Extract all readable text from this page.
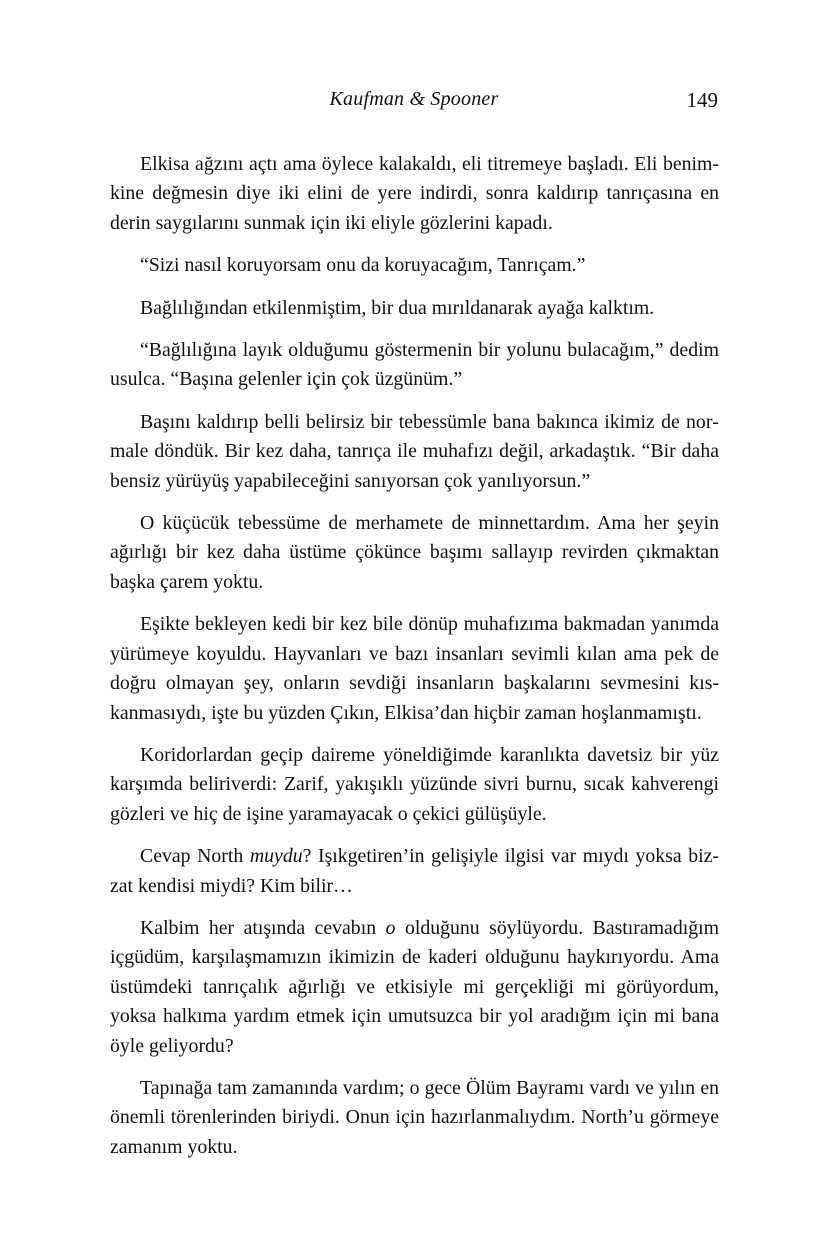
Kaufman & Spooner	149

Elkisa ağzını açtı ama öylece kalakaldı, eli titremeye başladı. Eli benimkine değmesin diye iki elini de yere indirdi, sonra kaldırıp tanrıçasına en derin saygılarını sunmak için iki eliyle gözlerini kapadı.

“Sizi nasıl koruyorsam onu da koruyacağım, Tanrıçam.”

Bağlılığından etkilenmiştim, bir dua mırıldanarak ayağa kalktım.

“Bağlılığına layık olduğumu göstermenin bir yolunu bulacağım,” dedim usulca. “Başına gelenler için çok üzgünüm.”

Başını kaldırıp belli belirsiz bir tebessümle bana bakınca ikimiz de normale döndük. Bir kez daha, tanrıça ile muhafızı değil, arkadaştık. “Bir daha bensiz yürüyüş yapabileceğini sanıyorsan çok yanılıyorsun.”

O küçücük tebessüme de merhamete de minnettardım. Ama her şeyin ağırlığı bir kez daha üstüme çökünce başımı sallayıp revirden çıkmaktan başka çarem yoktu.

Eşikte bekleyen kedi bir kez bile dönüp muhafızıma bakmadan yanımda yürümeye koyuldu. Hayvanları ve bazı insanları sevimli kılan ama pek de doğru olmayan şey, onların sevdiği insanların başkalarını sevmesini kıskanmasıydı, işte bu yüzden Çıkın, Elkisa’dan hiçbir zaman hoşlanmamıştı.

Koridorlardan geçip daireme yöneldiğimde karanlıkta davetsiz bir yüz karşımda beliriverdi: Zarif, yakışıklı yüzünde sivri burnu, sıcak kahverengi gözleri ve hiç de işine yaramayacak o çekici gülüşüyle.

Cevap North muydu? Işıkgetiren’in gelişiyle ilgisi var mıydı yoksa bizzat kendisi miydi? Kim bilir…

Kalbim her atışında cevabın o olduğunu söylüyordu. Bastıramadığım içgüdüm, karşılaşmamızın ikimizin de kaderi olduğunu haykırıyordu. Ama üstümdeki tanrıçalık ağırlığı ve etkisiyle mi gerçekliği mi görüyordum, yoksa halkıma yardım etmek için umutsuzca bir yol aradığım için mi bana öyle geliyordu?

Tapınağa tam zamanında vardım; o gece Ölüm Bayramı vardı ve yılın en önemli törenlerinden biriydi. Onun için hazırlanmalıydım. North’u görmeye zamanım yoktu.
